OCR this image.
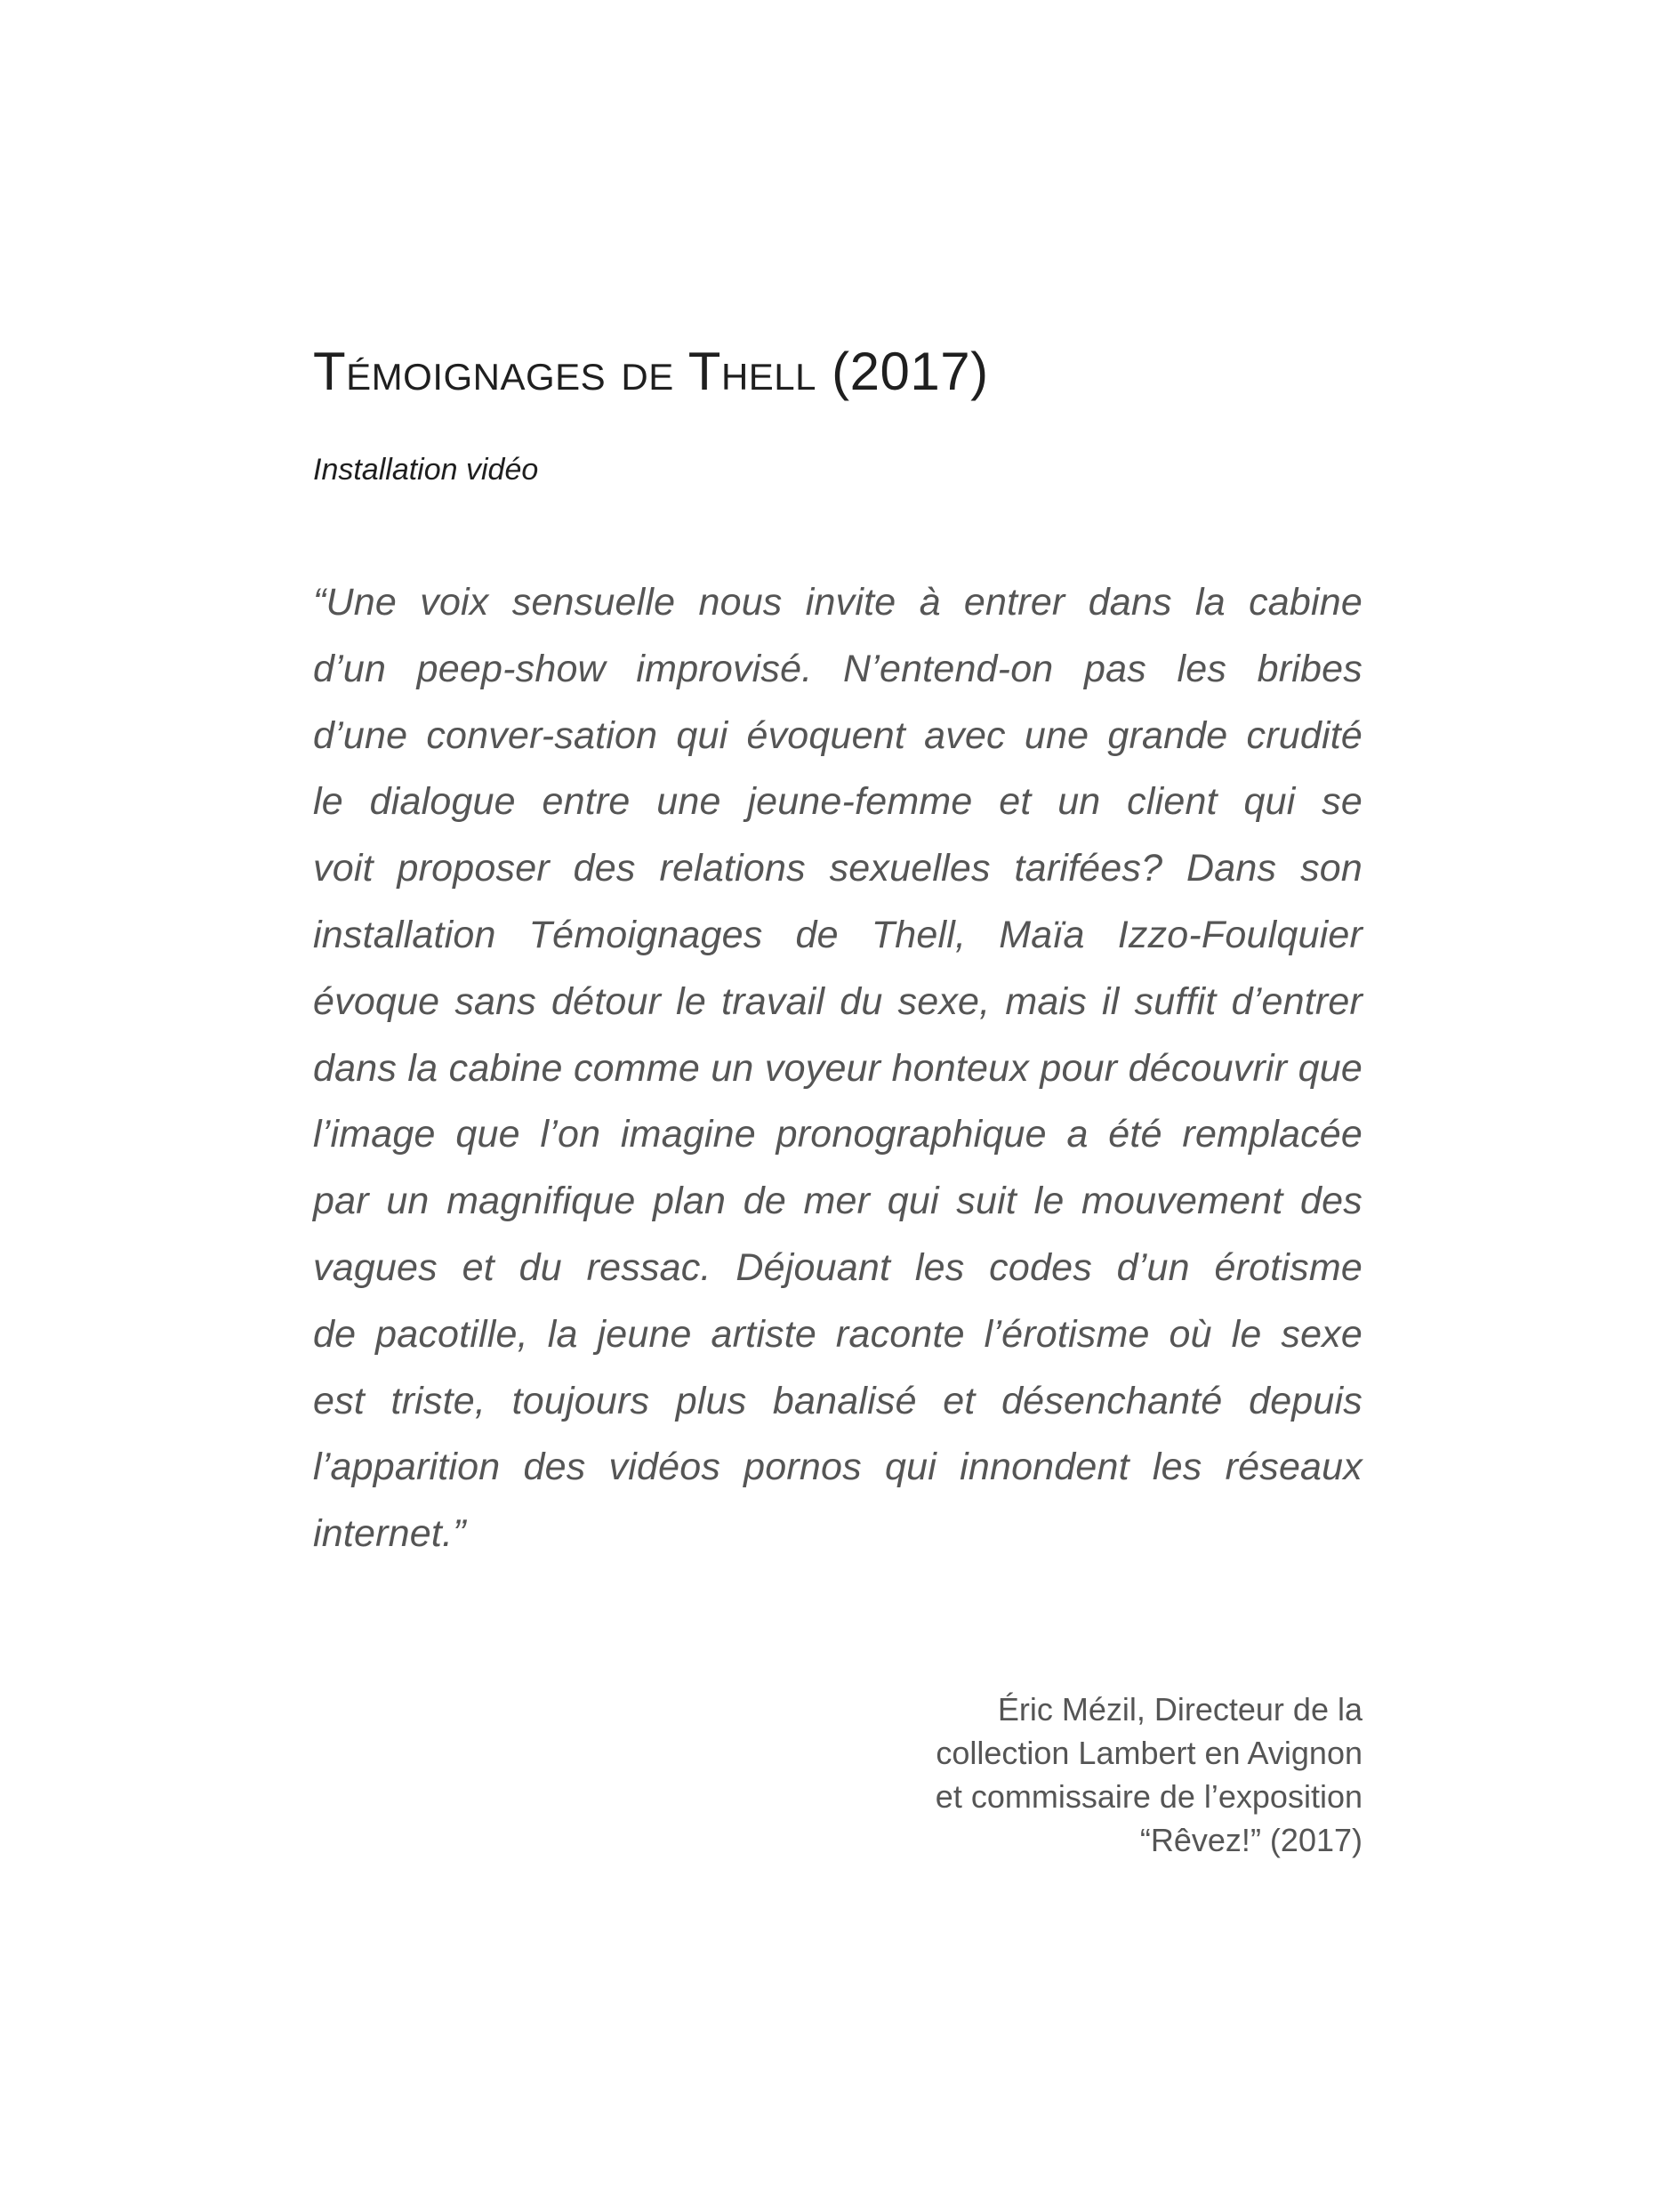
Témoignages de Thell (2017)

Installation vidéo

“Une voix sensuelle nous invite à entrer dans la cabine
d’un peep-show improvisé. N’entend-on pas les bribes
d’une conver-sation qui évoquent avec une grande crudité
le dialogue entre une jeune-femme et un client qui se
voit proposer des relations sexuelles tarifées? Dans son
installation Témoignages de Thell, Maïa Izzo-Foulquier
évoque sans détour le travail du sexe, mais il suffit d’entrer
dans la cabine comme un voyeur honteux pour découvrir que
l’image que l’on imagine pronographique a été remplacée
par un magnifique plan de mer qui suit le mouvement des
vagues et du ressac. Déjouant les codes d’un érotisme
de pacotille, la jeune artiste raconte l’érotisme où le sexe
est triste, toujours plus banalisé et désenchanté depuis
l’apparition des vidéos pornos qui innondent les réseaux
internet.”
Éric Mézil, Directeur de la
collection Lambert en Avignon
et commissaire de l’exposition
“Rêvez!” (2017)
